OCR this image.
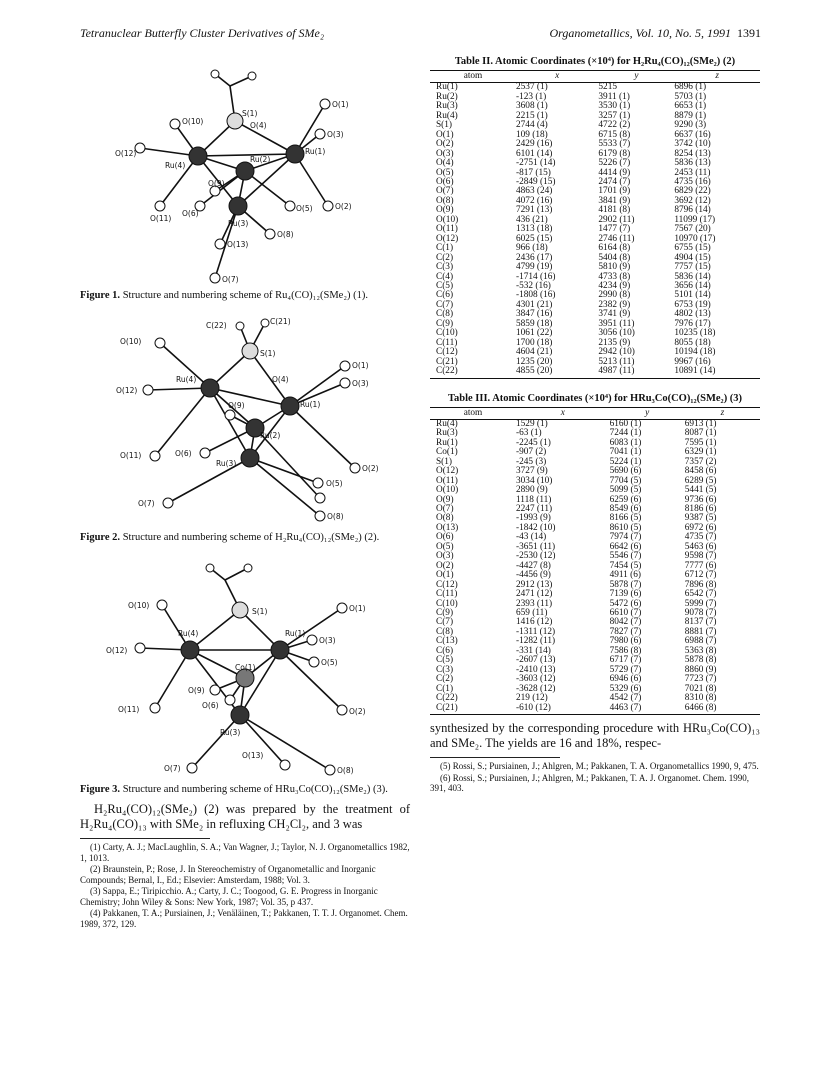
Tetranuclear Butterfly Cluster Derivatives of SMe₂	Organometallics, Vol. 10, No. 5, 1991 1391
S(1)
O(1)
O(10)	O(4)
O(3)
O(12)
Ru(4)
Ru(2)
Ru(1)
O(9)
O(6)
O(5)	O(2)
O(11)
Ru(3)
O(8)
O(13)
O(7)
Figure 1. Structure and numbering scheme of Ru₄(CO)₁₂(SMe₂) (1).
C(22)	C(21)
S(1)
O(10)
O(1)
O(4)	O(3)
O(12)
Ru(4)
Ru(1)
O(9)
Ru(2)
O(11)	O(6)
Ru(3)
O(2)
O(5)
O(7)
O(8)
Figure 2. Structure and numbering scheme of H₂Ru₄(CO)₁₂(SMe₂) (2).
S(1)
O(10)	O(1)
Ru(4)	Ru(1)
O(3)
O(12)
O(5)
Co(1)
O(9)
O(6)
O(11)	O(2)
Ru(3)
O(7)
O(13)
O(8)
Figure 3. Structure and numbering scheme of HRu₃Co(CO)₁₂(SMe₂) (3).

H₂Ru₄(CO)₁₂(SMe₂) (2) was prepared by the treatment of H₂Ru₄(CO)₁₃ with SMe₂ in refluxing CH₂Cl₂, and 3 was

(1) Carty, A. J.; MacLaughlin, S. A.; Van Wagner, J.; Taylor, N. J. Organometallics 1982, 1, 1013.
(2) Braunstein, P.; Rose, J. In Stereochemistry of Organometallic and Inorganic Compounds; Bernal, I., Ed.; Elsevier: Amsterdam, 1988; Vol. 3.
(3) Sappa, E.; Tiripicchio. A.; Carty, J. C.; Toogood, G. E. Progress in Inorganic Chemistry; John Wiley & Sons: New York, 1987; Vol. 35, p 437.
(4) Pakkanen, T. A.; Pursiainen, J.; Venäläinen, T.; Pakkanen, T. T. J. Organomet. Chem. 1989, 372, 129.
Table II. Atomic Coordinates (×10⁴) for H₂Ru₄(CO)₁₂(SMe₂) (2)
atom	x	y	z
Ru(1)	2537 (1)	5215	6896 (1)
Ru(2)	-123 (1)	3911 (1)	5703 (1)
Ru(3)	3608 (1)	3530 (1)	6653 (1)
Ru(4)	2215 (1)	3257 (1)	8879 (1)
S(1)	2744 (4)	4722 (2)	9290 (3)
O(1)	109 (18)	6715 (8)	6637 (16)
O(2)	2429 (16)	5533 (7)	3742 (10)
O(3)	6101 (14)	6179 (8)	8254 (13)
O(4)	-2751 (14)	5226 (7)	5836 (13)
O(5)	-817 (15)	4414 (9)	2453 (11)
O(6)	-2849 (15)	2474 (7)	4735 (16)
O(7)	4863 (24)	1701 (9)	6829 (22)
O(8)	4072 (16)	3841 (9)	3692 (12)
O(9)	7291 (13)	4181 (8)	8796 (14)
O(10)	436 (21)	2902 (11)	11099 (17)
O(11)	1313 (18)	1477 (7)	7567 (20)
O(12)	6025 (15)	2746 (11)	10970 (17)
C(1)	966 (18)	6164 (8)	6755 (15)
C(2)	2436 (17)	5404 (8)	4904 (15)
C(3)	4799 (19)	5810 (9)	7757 (15)
C(4)	-1714 (16)	4733 (8)	5836 (14)
C(5)	-532 (16)	4234 (9)	3656 (14)
C(6)	-1808 (16)	2990 (8)	5101 (14)
C(7)	4301 (21)	2382 (9)	6753 (19)
C(8)	3847 (16)	3741 (9)	4802 (13)
C(9)	5859 (18)	3951 (11)	7976 (17)
C(10)	1061 (22)	3056 (10)	10235 (18)
C(11)	1700 (18)	2135 (9)	8055 (18)
C(12)	4604 (21)	2942 (10)	10194 (18)
C(21)	1235 (20)	5213 (11)	9967 (16)
C(22)	4855 (20)	4987 (11)	10891 (14)
Table III. Atomic Coordinates (×10⁴) for HRu₃Co(CO)₁₂(SMe₂) (3)
atom	x	y	z
Ru(4)	1529 (1)	6160 (1)	6913 (1)
Ru(3)	-63 (1)	7244 (1)	8087 (1)
Ru(1)	-2245 (1)	6083 (1)	7595 (1)
Co(1)	-907 (2)	7041 (1)	6329 (1)
S(1)	-245 (3)	5224 (1)	7357 (2)
O(12)	3727 (9)	5690 (6)	8458 (6)
O(11)	3034 (10)	7704 (5)	6289 (5)
O(10)	2890 (9)	5099 (5)	5441 (5)
O(9)	1118 (11)	6259 (6)	9736 (6)
O(7)	2247 (11)	8549 (6)	8186 (6)
O(8)	-1993 (9)	8166 (5)	9387 (5)
O(13)	-1842 (10)	8610 (5)	6972 (6)
O(6)	-43 (14)	7974 (7)	4735 (7)
O(5)	-3651 (11)	6642 (6)	5463 (6)
O(3)	-2530 (12)	5546 (7)	9598 (7)
O(2)	-4427 (8)	7454 (5)	7777 (6)
O(1)	-4456 (9)	4911 (6)	6712 (7)
C(12)	2912 (13)	5878 (7)	7896 (8)
C(11)	2471 (12)	7139 (6)	6542 (7)
C(10)	2393 (11)	5472 (6)	5999 (7)
C(9)	659 (11)	6610 (7)	9078 (7)
C(7)	1416 (12)	8042 (7)	8137 (7)
C(8)	-1311 (12)	7827 (7)	8881 (7)
C(13)	-1282 (11)	7980 (6)	6988 (7)
C(6)	-331 (14)	7586 (8)	5363 (8)
C(5)	-2607 (13)	6717 (7)	5878 (8)
C(3)	-2410 (13)	5729 (7)	8860 (9)
C(2)	-3603 (12)	6946 (6)	7723 (7)
C(1)	-3628 (12)	5329 (6)	7021 (8)
C(22)	219 (12)	4542 (7)	8310 (8)
C(21)	-610 (12)	4463 (7)	6466 (8)

synthesized by the corresponding procedure with HRu₃Co(CO)₁₃ and SMe₂. The yields are 16 and 18%, respec-

(5) Rossi, S.; Pursiainen, J.; Ahlgren, M.; Pakkanen, T. A. Organometallics 1990, 9, 475.
(6) Rossi, S.; Pursiainen, J.; Ahlgren, M.; Pakkanen, T. A. J. Organomet. Chem. 1990, 391, 403.
